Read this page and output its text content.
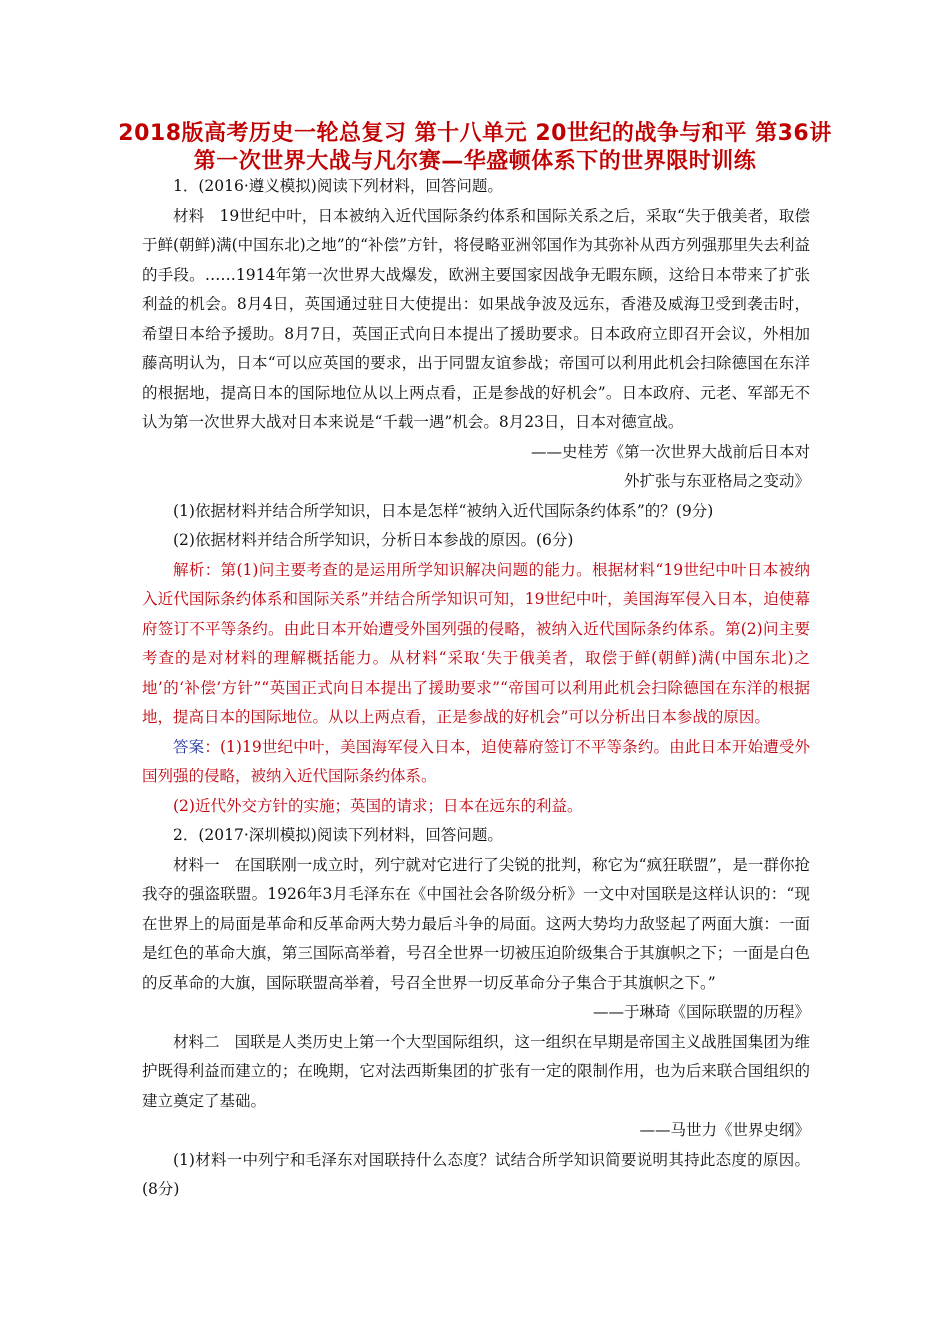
2018版高考历史一轮总复习 第十八单元 20世纪的战争与和平 第36讲 第一次世界大战与凡尔赛—华盛顿体系下的世界限时训练

1．(2016·遵义模拟)阅读下列材料，回答问题。

材料 19世纪中叶，日本被纳入近代国际条约体系和国际关系之后，采取“失于俄美者，取偿于鲜(朝鲜)满(中国东北)之地”的“补偿”方针，将侵略亚洲邻国作为其弥补从西方列强那里失去利益的手段。……1914年第一次世界大战爆发，欧洲主要国家因战争无暇东顾，这给日本带来了扩张利益的机会。8月4日，英国通过驻日大使提出：如果战争波及远东，香港及威海卫受到袭击时，希望日本给予援助。8月7日，英国正式向日本提出了援助要求。日本政府立即召开会议，外相加藤高明认为，日本“可以应英国的要求，出于同盟友谊参战；帝国可以利用此机会扫除德国在东洋的根据地，提高日本的国际地位从以上两点看，正是参战的好机会”。日本政府、元老、军部无不认为第一次世界大战对日本来说是“千载一遇”机会。8月23日，日本对德宣战。

——史桂芳《第一次世界大战前后日本对

外扩张与东亚格局之变动》

(1)依据材料并结合所学知识，日本是怎样“被纳入近代国际条约体系”的？(9分)

(2)依据材料并结合所学知识，分析日本参战的原因。(6分)

解析：第(1)问主要考查的是运用所学知识解决问题的能力。根据材料“19世纪中叶日本被纳入近代国际条约体系和国际关系”并结合所学知识可知，19世纪中叶，美国海军侵入日本，迫使幕府签订不平等条约。由此日本开始遭受外国列强的侵略，被纳入近代国际条约体系。第(2)问主要考查的是对材料的理解概括能力。从材料“采取‘失于俄美者，取偿于鲜(朝鲜)满(中国东北)之地’的‘补偿’方针”“英国正式向日本提出了援助要求”“帝国可以利用此机会扫除德国在东洋的根据地，提高日本的国际地位。从以上两点看，正是参战的好机会”可以分析出日本参战的原因。

答案：(1)19世纪中叶，美国海军侵入日本，迫使幕府签订不平等条约。由此日本开始遭受外国列强的侵略，被纳入近代国际条约体系。

(2)近代外交方针的实施；英国的请求；日本在远东的利益。

2．(2017·深圳模拟)阅读下列材料，回答问题。

材料一 在国联刚一成立时，列宁就对它进行了尖锐的批判，称它为“疯狂联盟”，是一群你抢我夺的强盗联盟。1926年3月毛泽东在《中国社会各阶级分析》一文中对国联是这样认识的：“现在世界上的局面是革命和反革命两大势力最后斗争的局面。这两大势均力敌竖起了两面大旗：一面是红色的革命大旗，第三国际高举着，号召全世界一切被压迫阶级集合于其旗帜之下；一面是白色的反革命的大旗，国际联盟高举着，号召全世界一切反革命分子集合于其旗帜之下。”

——于琳琦《国际联盟的历程》

材料二 国联是人类历史上第一个大型国际组织，这一组织在早期是帝国主义战胜国集团为维护既得利益而建立的；在晚期，它对法西斯集团的扩张有一定的限制作用，也为后来联合国组织的建立奠定了基础。

——马世力《世界史纲》

(1)材料一中列宁和毛泽东对国联持什么态度？试结合所学知识简要说明其持此态度的原因。(8分)
